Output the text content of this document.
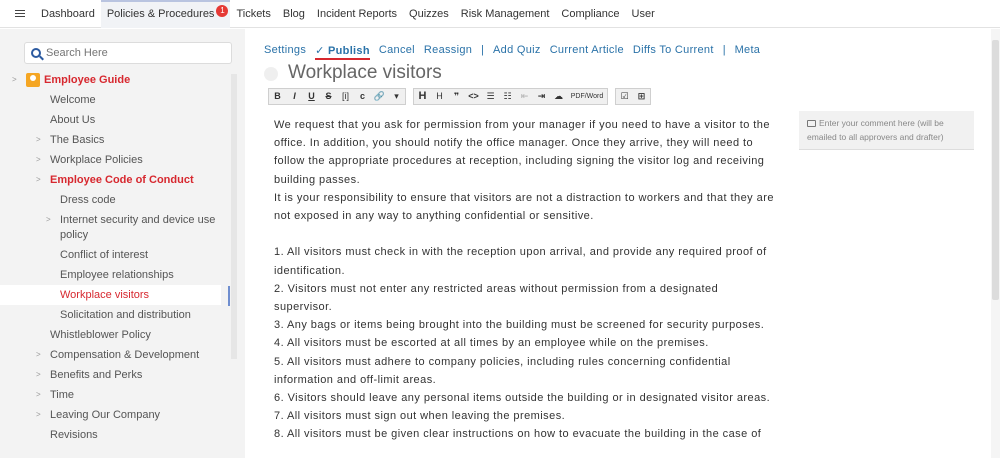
Dashboard	Policies & Procedures 1	Tickets	Blog	Incident Reports	Quizzes	Risk Management	Compliance	User
Search Here
> Employee Guide
Welcome
About Us
> The Basics
> Workplace Policies
> Employee Code of Conduct
Dress code
> Internet security and device use
policy
Conflict of interest
Employee relationships
Workplace visitors
Solicitation and distribution
Whistleblower Policy
> Compensation & Development
> Benefits and Perks
> Time
> Leaving Our Company
Revisions
Settings ✓ Publish Cancel Reassign | Add Quiz Current Article Diffs To Current | Meta
Workplace visitors
B	I	U	S	[i]	c 🔗	▾	H	H	❞	<> ☰ ☷	⇤	⇥ ☁	PDF/Word	☑	⊞

We request that you ask for permission from your manager if you need to have a visitor to the office. In addition, you should notify the office manager. Once they arrive, they will need to follow the appropriate procedures at reception, including signing the visitor log and receiving building passes.

It is your responsibility to ensure that visitors are not a distraction to workers and that they are not exposed in any way to anything confidential or sensitive.

1. All visitors must check in with the reception upon arrival, and provide any required proof of identification.

2. Visitors must not enter any restricted areas without permission from a designated supervisor.

3. Any bags or items being brought into the building must be screened for security purposes.

4. All visitors must be escorted at all times by an employee while on the premises.

5. All visitors must adhere to company policies, including rules concerning confidential information and off-limit areas.

6. Visitors should leave any personal items outside the building or in designated visitor areas.

7. All visitors must sign out when leaving the premises.

8. All visitors must be given clear instructions on how to evacuate the building in the case of

Enter your comment here (will be emailed to all approvers and drafter)
